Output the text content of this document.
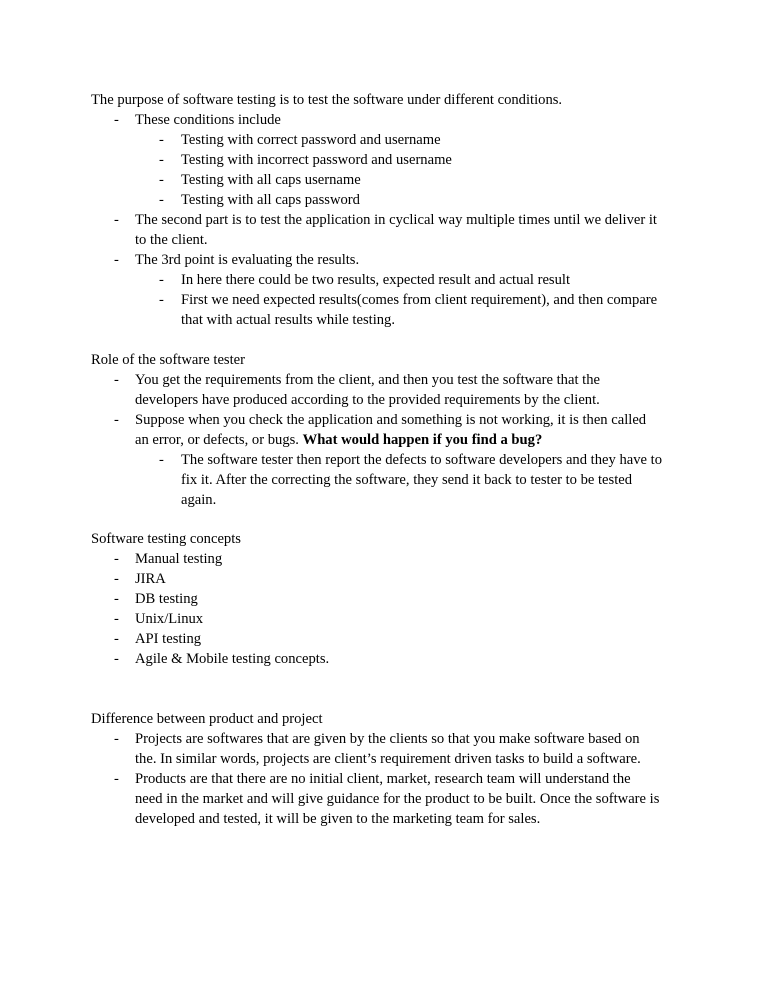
The purpose of software testing is to test the software under different conditions.
- These conditions include
- Testing with correct password and username
- Testing with incorrect password and username
- Testing with all caps username
- Testing with all caps password
- The second part is to test the application in cyclical way multiple times until we deliver it
to the client.
- The 3rd point is evaluating the results.
- In here there could be two results, expected result and actual result
- First we need expected results(comes from client requirement), and then compare
that with actual results while testing.
Role of the software tester
- You get the requirements from the client, and then you test the software that the
developers have produced according to the provided requirements by the client.
- Suppose when you check the application and something is not working, it is then called
an error, or defects, or bugs. What would happen if you find a bug?
- The software tester then report the defects to software developers and they have to
fix it. After the correcting the software, they send it back to tester to be tested
again.
Software testing concepts
- Manual testing
- JIRA
- DB testing
- Unix/Linux
- API testing
- Agile & Mobile testing concepts.
Difference between product and project
- Projects are softwares that are given by the clients so that you make software based on
the. In similar words, projects are client’s requirement driven tasks to build a software.
- Products are that there are no initial client, market, research team will understand the
need in the market and will give guidance for the product to be built. Once the software is
developed and tested, it will be given to the marketing team for sales.
